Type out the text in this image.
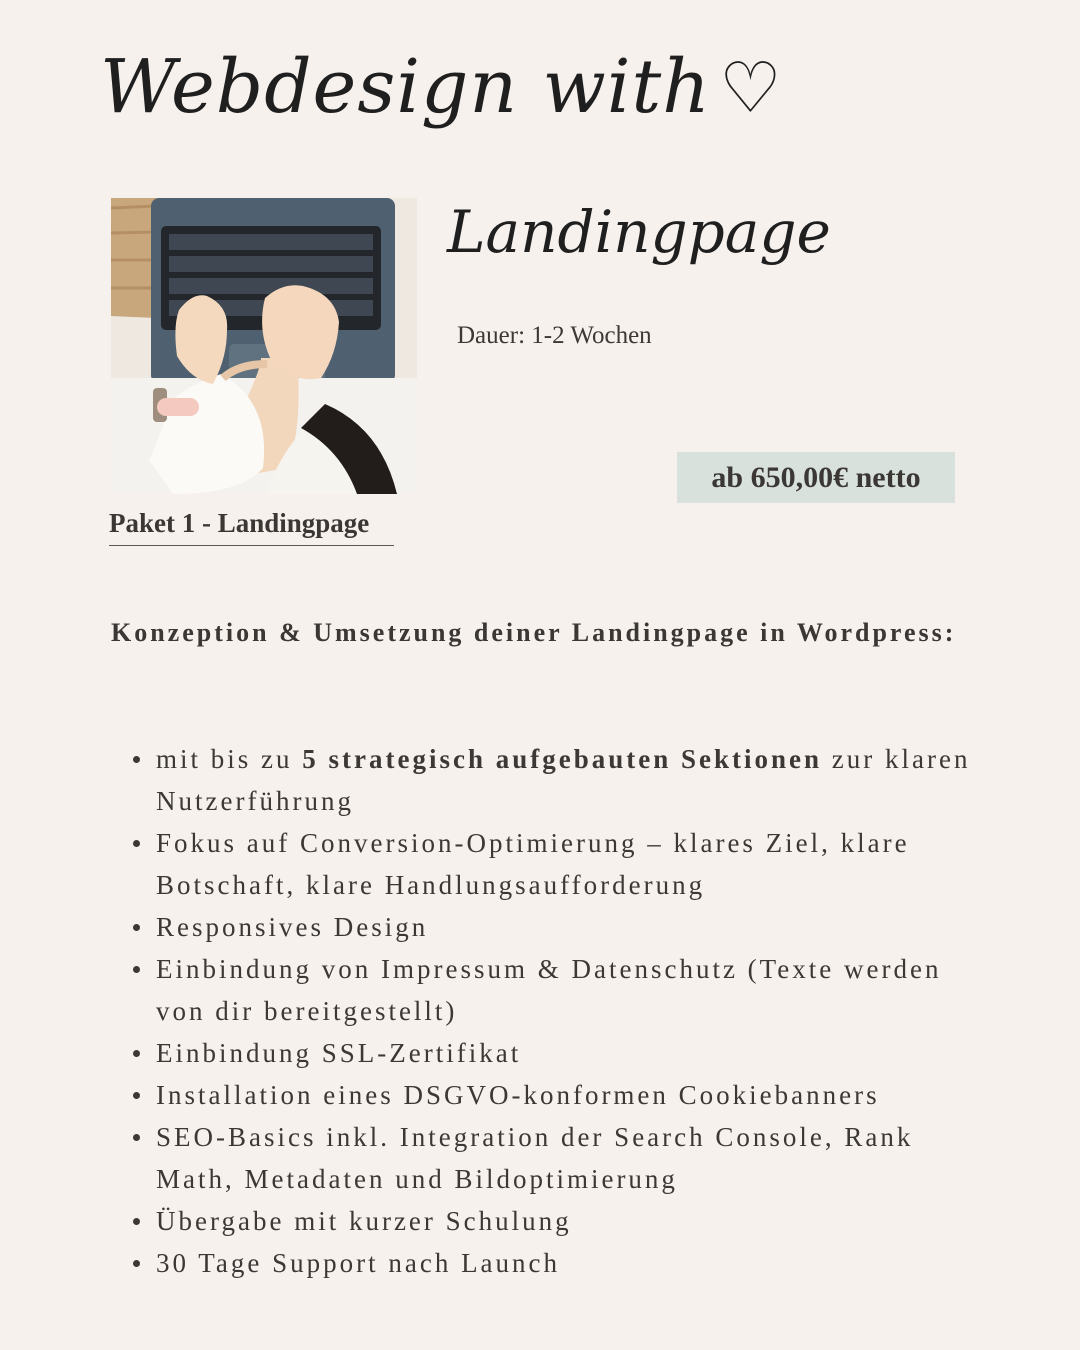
Webdesign with ♡
Landingpage
Dauer: 1-2 Wochen
ab 650,00€ netto
Paket 1 - Landingpage
Konzeption & Umsetzung deiner Landingpage in Wordpress:
mit bis zu 5 strategisch aufgebauten Sektionen zur klaren Nutzerführung
Fokus auf Conversion-Optimierung – klares Ziel, klare Botschaft, klare Handlungsaufforderung
Responsives Design
Einbindung von Impressum & Datenschutz (Texte werden von dir bereitgestellt)
Einbindung SSL-Zertifikat
Installation eines DSGVO-konformen Cookiebanners
SEO-Basics inkl. Integration der Search Console, Rank Math, Metadaten und Bildoptimierung
Übergabe mit kurzer Schulung
30 Tage Support nach Launch
